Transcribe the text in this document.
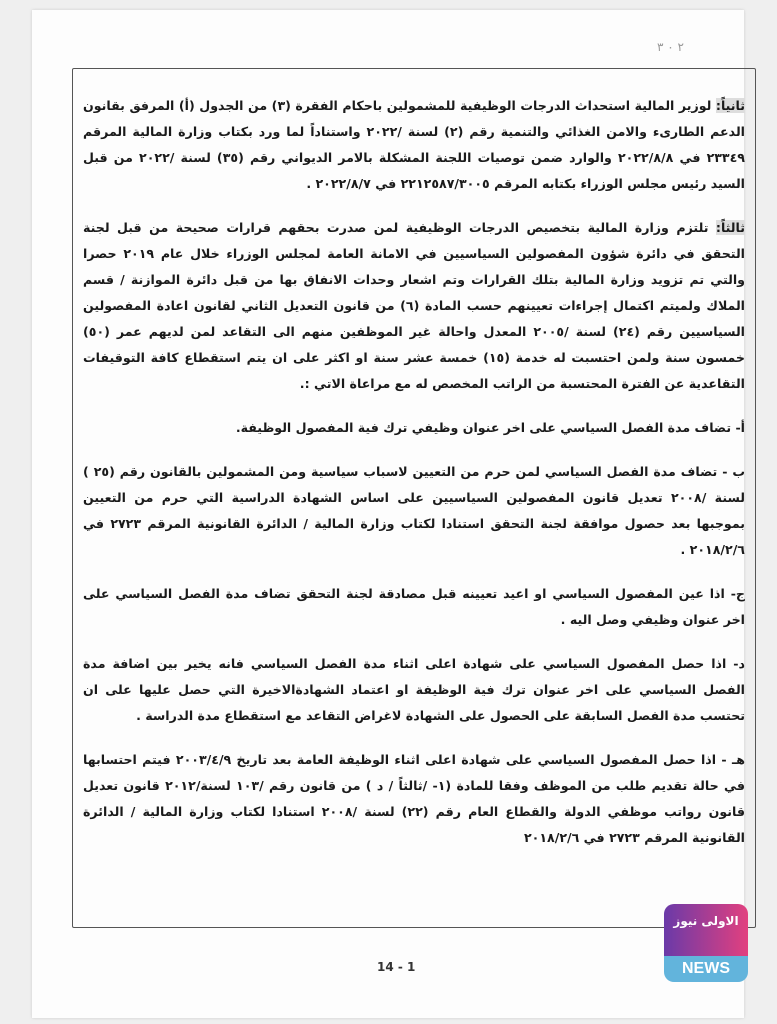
٢ ٠ ٣
ثانياً: لوزير المالية استحداث الدرجات الوظيفية للمشمولين باحكام الفقرة (٣) من الجدول (أ) المرفق بقانون الدعم الطارىء والامن الغذائي والتنمية رقم (٢) لسنة /٢٠٢٢ واستناداً لما ورد بكتاب وزارة المالية المرقم ٢٣٣٤٩ في ٢٠٢٢/٨/٨ والوارد ضمن توصيات اللجنة المشكلة بالامر الديواني رقم (٣٥) لسنة /٢٠٢٢ من قبل السيد رئيس مجلس الوزراء بكتابه المرقم ٢٢١٢٥٨٧/٣٠٠٥ في ٢٠٢٢/٨/٧ .
ثالثاً: تلتزم وزارة المالية بتخصيص الدرجات الوظيفية لمن صدرت بحقهم قرارات صحيحة من قبل لجنة التحقق في دائرة شؤون المفصولين السياسيين في الامانة العامة لمجلس الوزراء خلال عام ٢٠١٩ حصرا والتي تم تزويد وزارة المالية بتلك القرارات وتم اشعار وحدات الانفاق بها من قبل دائرة الموازنة / قسم الملاك ولميتم اكتمال إجراءات تعيينهم حسب المادة (٦) من قانون التعديل الثاني لقانون اعادة المفصولين السياسيين رقم (٢٤) لسنة /٢٠٠٥ المعدل واحالة غير الموظفين منهم الى التقاعد لمن لديهم عمر (٥٠) خمسون سنة ولمن احتسبت له خدمة (١٥) خمسة عشر سنة او اكثر على ان يتم استقطاع كافة التوقيفات التقاعدية عن الفترة المحتسبة من الراتب المخصص له مع مراعاة الاتي :.
أ- تضاف مدة الفصل السياسي على اخر عنوان وظيفي ترك فية المفصول الوظيفة.
ب - تضاف مدة الفصل السياسي لمن حرم من التعيين لاسباب سياسية ومن المشمولين بالقانون رقم (٢٥ ) لسنة /٢٠٠٨ تعديل قانون المفصولين السياسيين على اساس الشهادة الدراسية التي حرم من التعيين بموجبها بعد حصول موافقة لجنة التحقق استنادا لكتاب وزارة المالية / الدائرة القانونية المرقم ٢٧٢٣ في ٢٠١٨/٢/٦ .
ج- اذا عين المفصول السياسي او اعيد تعيينه قبل مصادقة لجنة التحقق تضاف مدة الفصل السياسي على اخر عنوان وظيفي وصل اليه .
د- اذا حصل المفصول السياسي على شهادة اعلى اثناء مدة الفصل السياسي فانه يخير بين اضافة مدة الفصل السياسي على اخر عنوان ترك فية الوظيفة او اعتماد الشهادةالاخيرة التي حصل عليها على ان تحتسب مدة الفصل السابقة على الحصول على الشهادة لاغراض التقاعد مع استقطاع مدة الدراسة .
هـ - اذا حصل المفصول السياسي على شهادة اعلى اثناء الوظيفة العامة بعد تاريخ ٢٠٠٣/٤/٩ فيتم احتسابها في حالة تقديم طلب من الموظف وفقا للمادة (١- /ثالثاً / د ) من قانون رقم /١٠٣ لسنة/٢٠١٢ قانون تعديل قانون رواتب موظفي الدولة والقطاع العام رقم (٢٢) لسنة /٢٠٠٨ استنادا لكتاب وزارة المالية / الدائرة القانونية المرقم ٢٧٢٣ في ٢٠١٨/٢/٦
14 - 1
الاولى نيوز
NEWS
